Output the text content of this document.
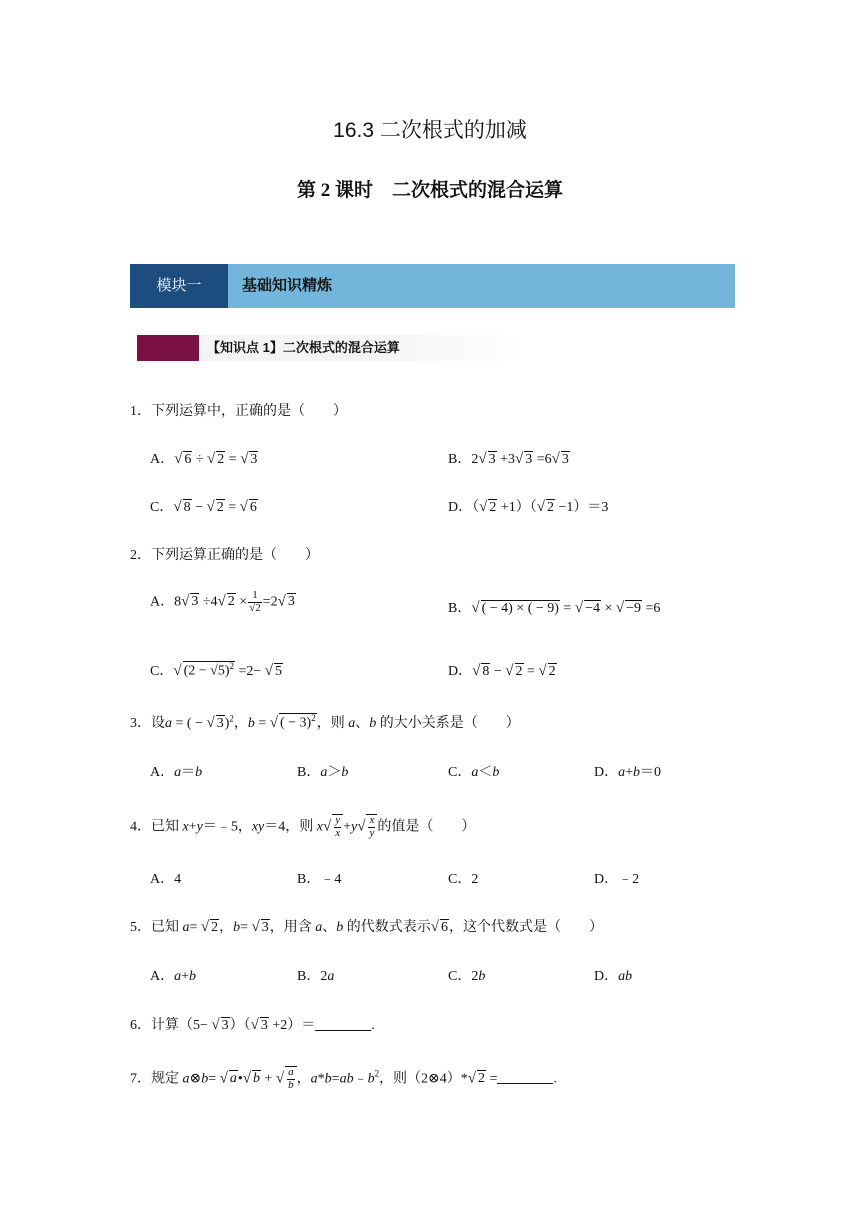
16.3 二次根式的加减
第 2 课时　二次根式的混合运算
模块一	基础知识精炼
【知识点 1】二次根式的混合运算
1．下列运算中，正确的是（　　）
A．√ 6 ÷ √ 2 = √ 3	B．2√ 3 +3√ 3 =6√ 3
C．√ 8 − √ 2 = √ 6	D．（√ 2 +1）（√ 2 −1）＝3
2．下列运算正确的是（　　）
A．8√ 3 ÷4√ $2 \times \frac{1}{√2} =2√$ 3	B．√ ( − 4) × ( − 9) = √ −4 × √ −9 =6
C．√ $(2 - √5)^2 =2-$ √ 5	D．√ 8 − √ 2 = √ 2
3．设a = ( − √ 3)$^2$，b = √ ( − 3)$^2$，则 a、b 的大小关系是（　　）
A．a＝b	B．a＞b	C．a＜b	D．a+b＝0
4．已知 x+y＝﹣5，xy＝4，则 $x√ \frac{y}{x} +y√ \frac{x}{y}$ 的值是（　　）
A．4	B．﹣4	C．2	D．﹣2
5．已知 a= √ 2，b= √ 3，用含 a、b 的代数式表示√ 6，这个代数式是（　　）
A．a+b	B．2a	C．2b	D．ab
6．计算（5− √ 3）（√ 3 +2）＝	.
7．规定 a⊗b= √ a•√ b + √ $\frac{a}{b}$ ，$a*b=ab﹣b^2$，则（2⊗4）*√ 2 =	.
